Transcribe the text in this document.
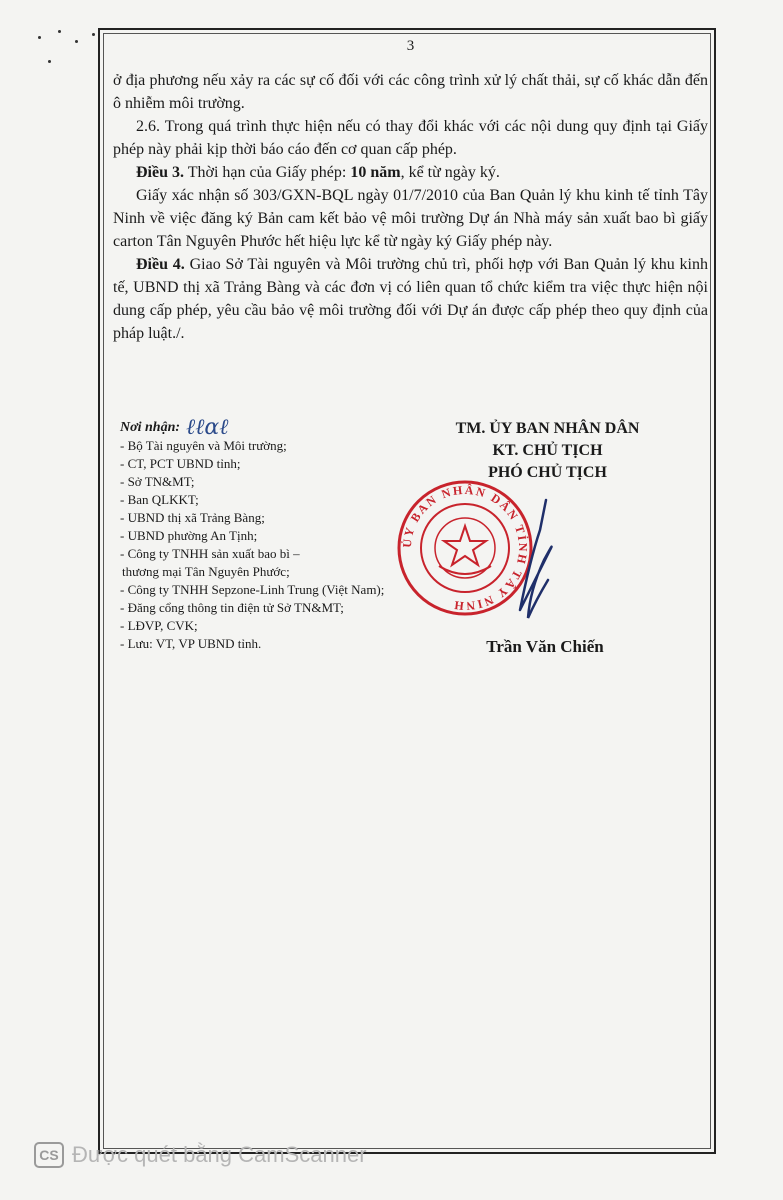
3

ở địa phương nếu xảy ra các sự cố đối với các công trình xử lý chất thải, sự cố khác dẫn đến ô nhiễm môi trường.

2.6. Trong quá trình thực hiện nếu có thay đổi khác với các nội dung quy định tại Giấy phép này phải kịp thời báo cáo đến cơ quan cấp phép.

Điều 3. Thời hạn của Giấy phép: 10 năm, kể từ ngày ký.

Giấy xác nhận số 303/GXN-BQL ngày 01/7/2010 của Ban Quản lý khu kinh tế tỉnh Tây Ninh về việc đăng ký Bản cam kết bảo vệ môi trường Dự án Nhà máy sản xuất bao bì giấy carton Tân Nguyên Phước hết hiệu lực kể từ ngày ký Giấy phép này.

Điều 4. Giao Sở Tài nguyên và Môi trường chủ trì, phối hợp với Ban Quản lý khu kinh tế, UBND thị xã Trảng Bàng và các đơn vị có liên quan tổ chức kiểm tra việc thực hiện nội dung cấp phép, yêu cầu bảo vệ môi trường đối với Dự án được cấp phép theo quy định của pháp luật./.

Nơi nhận: ℓℓαℓ
- Bộ Tài nguyên và Môi trường;
- CT, PCT UBND tỉnh;
- Sở TN&MT;
- Ban QLKKT;
- UBND thị xã Trảng Bàng;
- UBND phường An Tịnh;
- Công ty TNHH sản xuất bao bì –
thương mại Tân Nguyên Phước;
- Công ty TNHH Sepzone-Linh Trung (Việt Nam);
- Đăng cổng thông tin điện tử Sở TN&MT;
- LĐVP, CVK;
- Lưu: VT, VP UBND tỉnh.
TM. ỦY BAN NHÂN DÂN
KT. CHỦ TỊCH
PHÓ CHỦ TỊCH
ỦY BAN NHÂN DÂN TỈNH TÂY NINH
Trần Văn Chiến
CS Được quét bằng CamScanner
